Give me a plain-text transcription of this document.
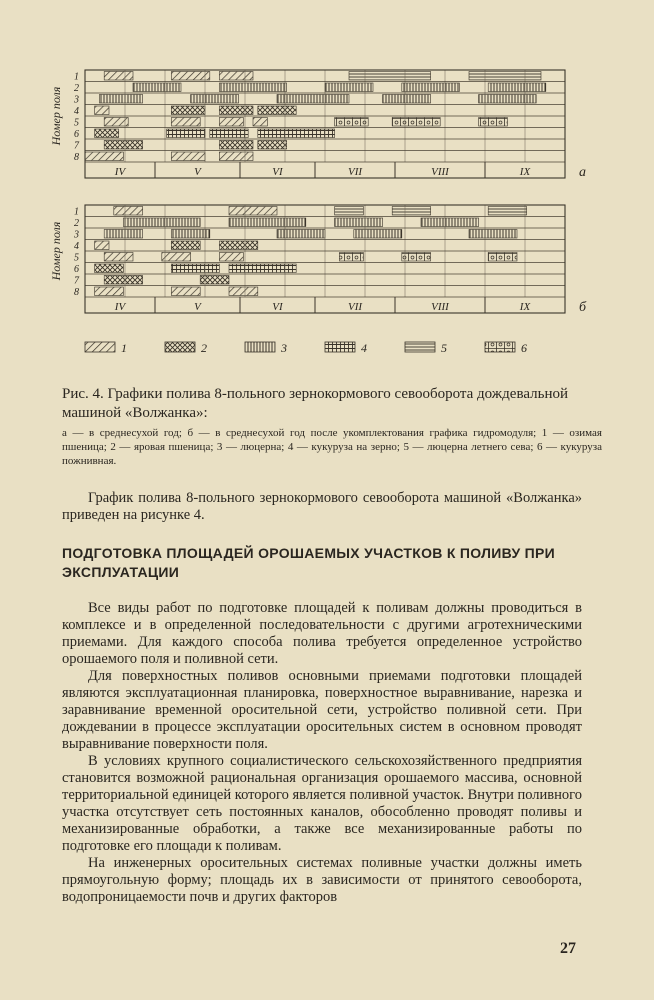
Номер поля
1
2
3
4
5
6
7
8
IV	V	VI	VII	VIII	IX	а
Номер поля
1
2
3
4
5
6
7
8
IV	V	VI	VII	VIII	IX	б
1	2	3	4	5	6
Рис. 4. Графики полива 8-польного зернокормового севооборота дождевальной машиной «Волжанка»:
а — в среднесухой год; б — в среднесухой год после укомплектования графика гидромодуля; 1 — озимая пшеница; 2 — яровая пшеница; 3 — люцерна; 4 — кукуруза на зерно; 5 — люцерна летнего сева; 6 — кукуруза пожнивная.

График полива 8-польного зернокормового севооборота машиной «Волжанка» приведен на рисунке 4.

ПОДГОТОВКА ПЛОЩАДЕЙ ОРОШАЕМЫХ УЧАСТКОВ К ПОЛИВУ ПРИ ЭКСПЛУАТАЦИИ

Все виды работ по подготовке площадей к поливам должны проводиться в комплексе и в определенной последовательности с другими агротехническими приемами. Для каждого способа полива требуется определенное устройство орошаемого поля и поливной сети.

Для поверхностных поливов основными приемами подготовки площадей являются эксплуатационная планировка, поверхностное выравнивание, нарезка и заравнивание временной оросительной сети, устройство поливной сети. При дождевании в процессе эксплуатации оросительных систем в основном проводят выравнивание поверхности поля.

В условиях крупного социалистического сельскохозяйственного предприятия становится возможной рациональная организация орошаемого массива, основной территориальной единицей которого является поливной участок. Внутри поливного участка отсутствует сеть постоянных каналов, обособленно проводят поливы и механизированные обработки, а также все механизированные работы по подготовке его площади к поливам.

На инженерных оросительных системах поливные участки должны иметь прямоугольную форму; площадь их в зависимости от принятого севооборота, водопроницаемости почв и других факторов

27
